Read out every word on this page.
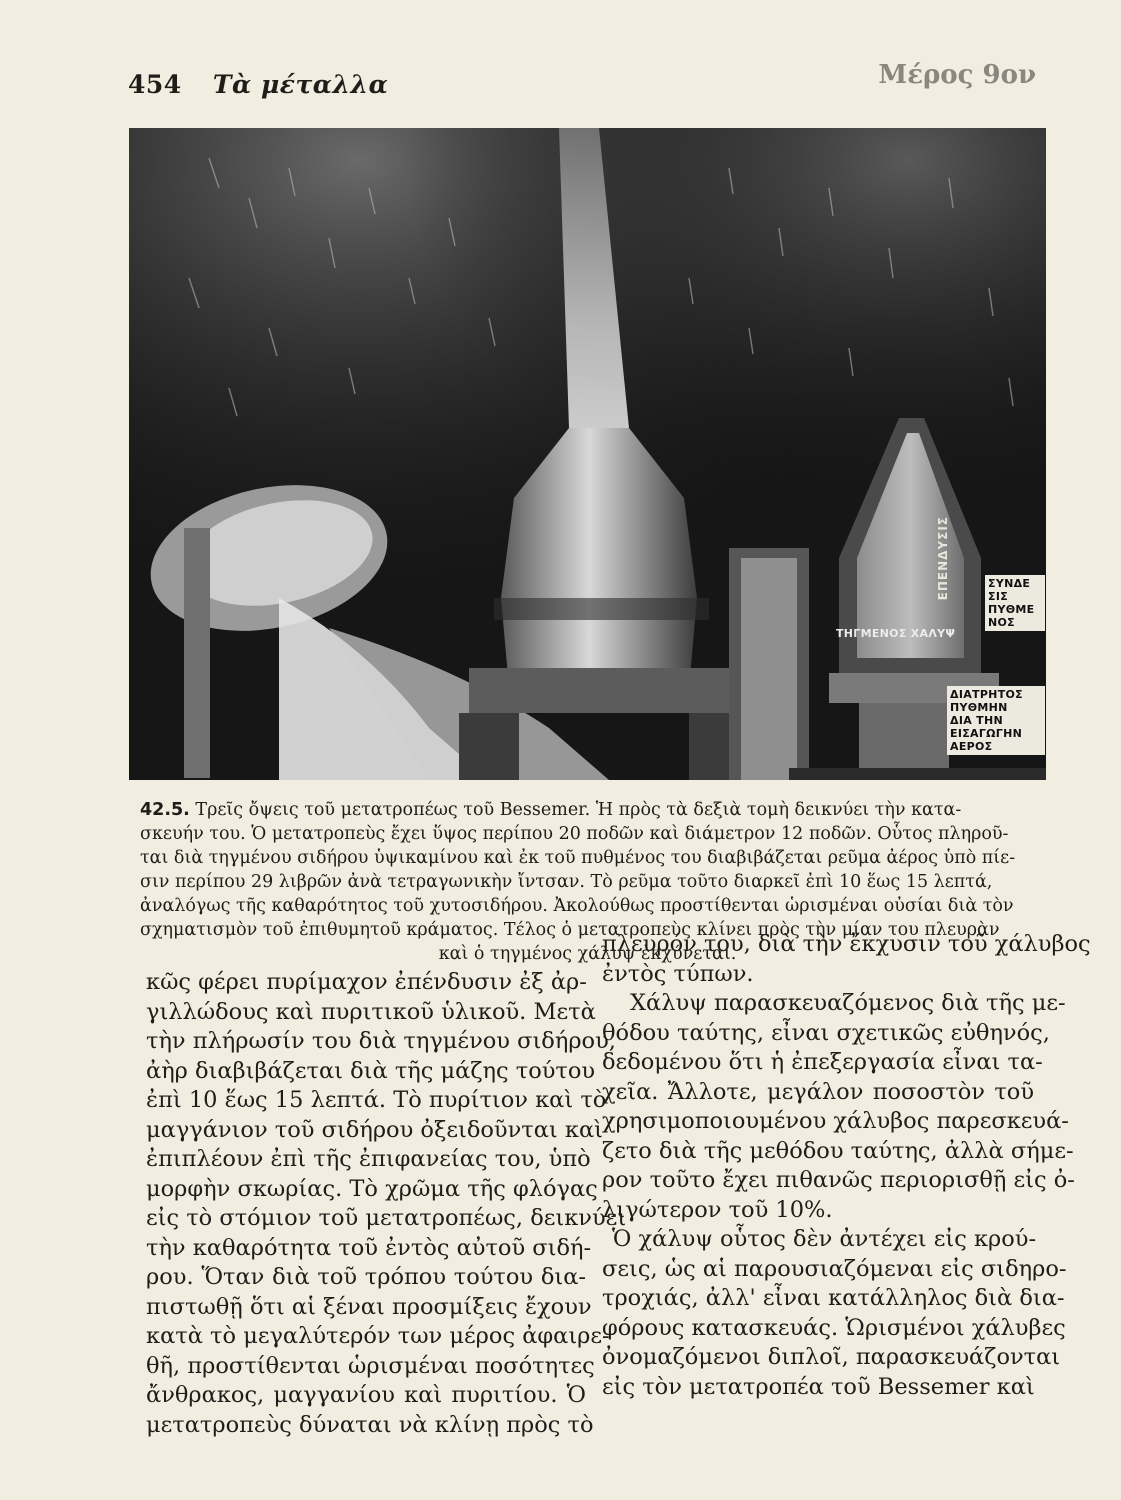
454 Τὰ μέταλλα	Μέρος 9ον
ΕΠΕΝΔΥΣΙΣ	ΣΥΝΔΕ
ΣΙΣ
ΠΥΘΜΕ
ΝΟΣ
ΤΗΓΜΕΝΟΣ ΧΑΛΥΨ
ΔΙΑΤΡΗΤΟΣ
ΠΥΘΜΗΝ
ΔΙΑ ΤΗΝ
ΕΙΣΑΓΩΓΗΝ
ΑΕΡΟΣ
42.5. Τρεῖς ὄψεις τοῦ μετατροπέως τοῦ Bessemer. Ἡ πρὸς τὰ δεξιὰ τομὴ δεικνύει τὴν κατα-
σκευήν του. Ὁ μετατροπεὺς ἔχει ὕψος περίπου 20 ποδῶν καὶ διάμετρον 12 ποδῶν. Οὗτος πληροῦ-
ται διὰ τηγμένου σιδήρου ὑψικαμίνου καὶ ἐκ τοῦ πυθμένος του διαβιβάζεται ρεῦμα ἀέρος ὑπὸ πίε-
σιν περίπου 29 λιβρῶν ἀνὰ τετραγωνικὴν ἴντσαν. Τὸ ρεῦμα τοῦτο διαρκεῖ ἐπὶ 10 ἕως 15 λεπτά,
ἀναλόγως τῆς καθαρότητος τοῦ χυτοσιδήρου. Ἀκολούθως προστίθενται ὡρισμέναι οὐσίαι διὰ τὸν
σχηματισμὸν τοῦ ἐπιθυμητοῦ κράματος. Τέλος ὁ μετατροπεὺς κλίνει πρὸς τὴν μίαν του πλευρὰν
καὶ ὁ τηγμένος χάλυψ ἐκχύνεται.
κῶς φέρει πυρίμαχον ἐπένδυσιν ἐξ ἀρ-
γιλλώδους καὶ πυριτικοῦ ὑλικοῦ. Μετὰ
τὴν πλήρωσίν του διὰ τηγμένου σιδήρου,
ἀὴρ διαβιβάζεται διὰ τῆς μάζης τούτου
ἐπὶ 10 ἕως 15 λεπτά. Τὸ πυρίτιον καὶ τὸ
μαγγάνιον τοῦ σιδήρου ὀξειδοῦνται καὶ
ἐπιπλέουν ἐπὶ τῆς ἐπιφανείας του, ὑπὸ
μορφὴν σκωρίας. Τὸ χρῶμα τῆς φλόγας
εἰς τὸ στόμιον τοῦ μετατροπέως, δεικνύει
τὴν καθαρότητα τοῦ ἐντὸς αὐτοῦ σιδή-
ρου. Ὅταν διὰ τοῦ τρόπου τούτου δια-
πιστωθῇ ὅτι αἱ ξέναι προσμίξεις ἔχουν
κατὰ τὸ μεγαλύτερόν των μέρος ἀφαιρε-
θῆ, προστίθενται ὡρισμέναι ποσότητες
ἄνθρακος, μαγγανίου καὶ πυριτίου. Ὁ
μετατροπεὺς δύναται νὰ κλίνῃ πρὸς τὸ
πλευρόν του, διὰ τὴν ἔκχυσιν τοῦ χάλυβος
ἐντὸς τύπων.
Χάλυψ παρασκευαζόμενος διὰ τῆς με-
θόδου ταύτης, εἶναι σχετικῶς εὐθηνός,
δεδομένου ὅτι ἡ ἐπεξεργασία εἶναι τα-
χεῖα. Ἄλλοτε, μεγάλον ποσοστὸν τοῦ
χρησιμοποιουμένου χάλυβος παρεσκευά-
ζετο διὰ τῆς μεθόδου ταύτης, ἀλλὰ σήμε-
ρον τοῦτο ἔχει πιθανῶς περιορισθῇ εἰς ὀ-
λιγώτερον τοῦ 10%.
Ὁ χάλυψ οὗτος δὲν ἀντέχει εἰς κρού-
σεις, ὡς αἱ παρουσιαζόμεναι εἰς σιδηρο-
τροχιάς, ἀλλ' εἶναι κατάλληλος διὰ δια-
φόρους κατασκευάς. Ὡρισμένοι χάλυβες
ὀνομαζόμενοι διπλοῖ, παρασκευάζονται
εἰς τὸν μετατροπέα τοῦ Bessemer καὶ
